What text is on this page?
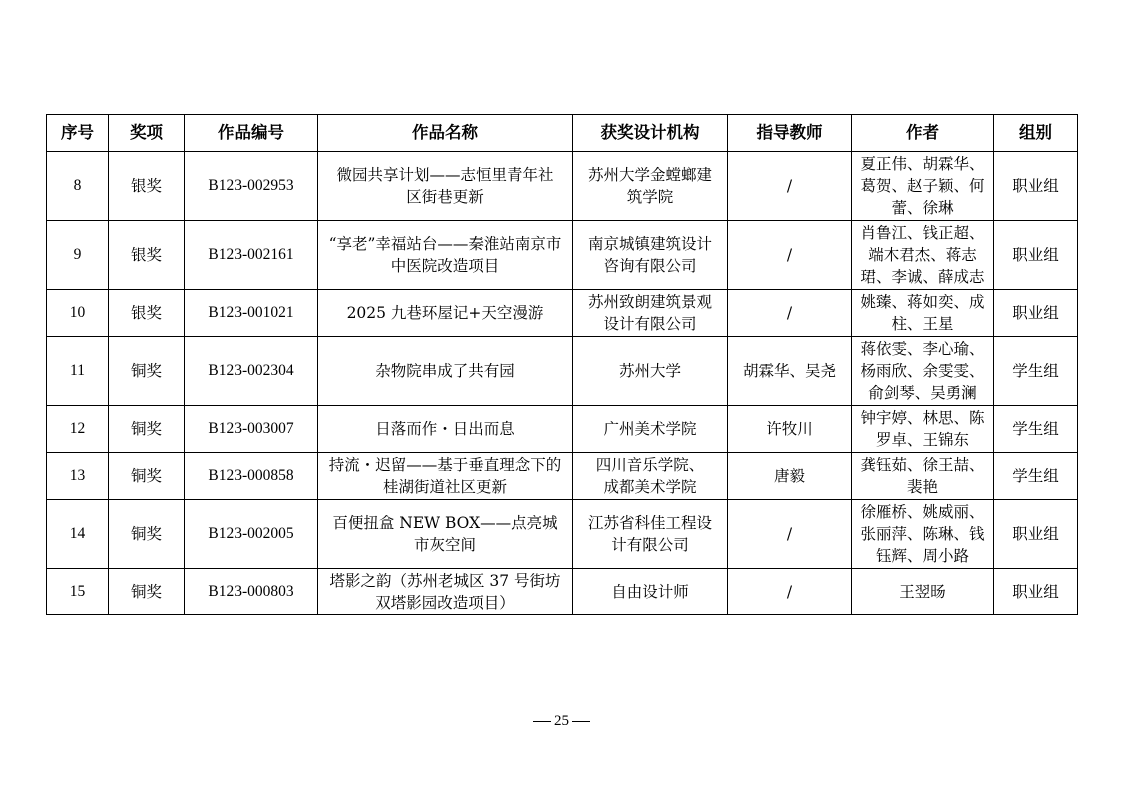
序号	奖项	作品编号	作品名称	获奖设计机构	指导教师	作者	组别
8	银奖	B123-002953	微园共享计划——志恒里青年社区街巷更新	苏州大学金螳螂建筑学院	/	夏正伟、胡霖华、葛贺、赵子颖、何蕾、徐琳	职业组
9	银奖	B123-002161	“享老”幸福站台——秦淮站南京市中医院改造项目	南京城镇建筑设计咨询有限公司	/	肖鲁江、钱正超、端木君杰、蒋志珺、李诚、薛成志	职业组
10	银奖	B123-001021	2025 九巷环屋记+天空漫游	苏州致朗建筑景观设计有限公司	/	姚臻、蒋如奕、成柱、王星	职业组
11	铜奖	B123-002304	杂物院串成了共有园	苏州大学	胡霖华、吴尧	蒋依雯、李心瑜、杨雨欣、余雯雯、俞剑琴、吴勇澜	学生组
12	铜奖	B123-003007	日落而作・日出而息	广州美术学院	许牧川	钟宇婷、林思、陈罗卓、王锦东	学生组
13	铜奖	B123-000858	持流・迟留——基于垂直理念下的桂湖街道社区更新	四川音乐学院、成都美术学院	唐毅	龚钰茹、徐王喆、裴艳	学生组
14	铜奖	B123-002005	百便扭盒 NEW BOX——点亮城市灰空间	江苏省科佳工程设计有限公司	/	徐雁桥、姚威丽、张丽萍、陈琳、钱钰辉、周小路	职业组
15	铜奖	B123-000803	塔影之韵（苏州老城区 37 号街坊双塔影园改造项目）	自由设计师	/	王翌旸	职业组
25
